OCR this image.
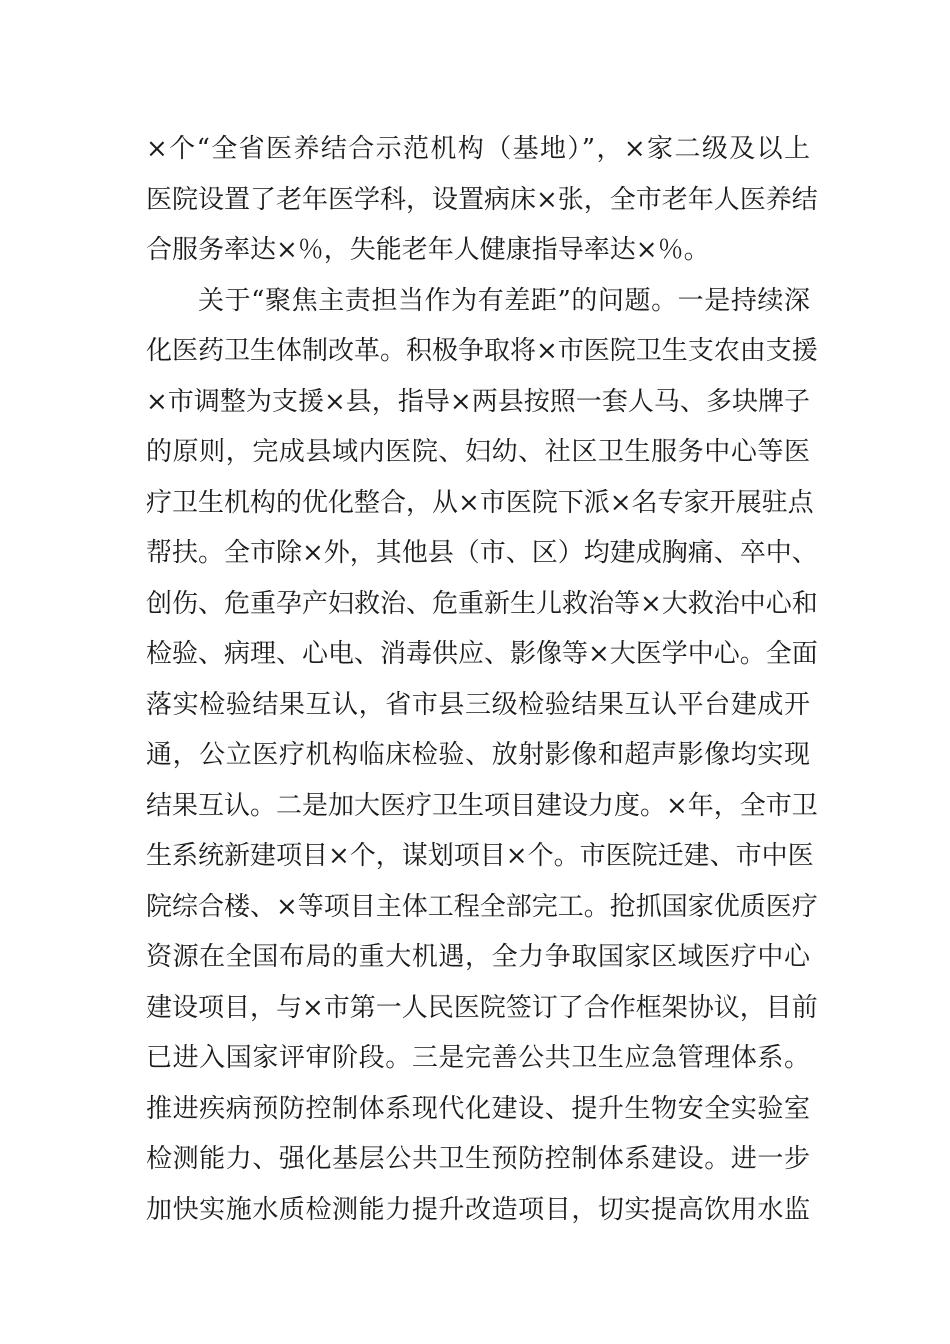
×个“全省医养结合示范机构（基地）”，×家二级及以上
医院设置了老年医学科，设置病床×张，全市老年人医养结
合服务率达×％，失能老年人健康指导率达×％。
关于“聚焦主责担当作为有差距”的问题。一是持续深
化医药卫生体制改革。积极争取将×市医院卫生支农由支援
×市调整为支援×县，指导×两县按照一套人马、多块牌子
的原则，完成县域内医院、妇幼、社区卫生服务中心等医
疗卫生机构的优化整合，从×市医院下派×名专家开展驻点
帮扶。全市除×外，其他县（市、区）均建成胸痛、卒中、
创伤、危重孕产妇救治、危重新生儿救治等×大救治中心和
检验、病理、心电、消毒供应、影像等×大医学中心。全面
落实检验结果互认，省市县三级检验结果互认平台建成开
通，公立医疗机构临床检验、放射影像和超声影像均实现
结果互认。二是加大医疗卫生项目建设力度。×年，全市卫
生系统新建项目×个，谋划项目×个。市医院迁建、市中医
院综合楼、×等项目主体工程全部完工。抢抓国家优质医疗
资源在全国布局的重大机遇，全力争取国家区域医疗中心
建设项目，与×市第一人民医院签订了合作框架协议，目前
已进入国家评审阶段。三是完善公共卫生应急管理体系。
推进疾病预防控制体系现代化建设、提升生物安全实验室
检测能力、强化基层公共卫生预防控制体系建设。进一步
加快实施水质检测能力提升改造项目，切实提高饮用水监
